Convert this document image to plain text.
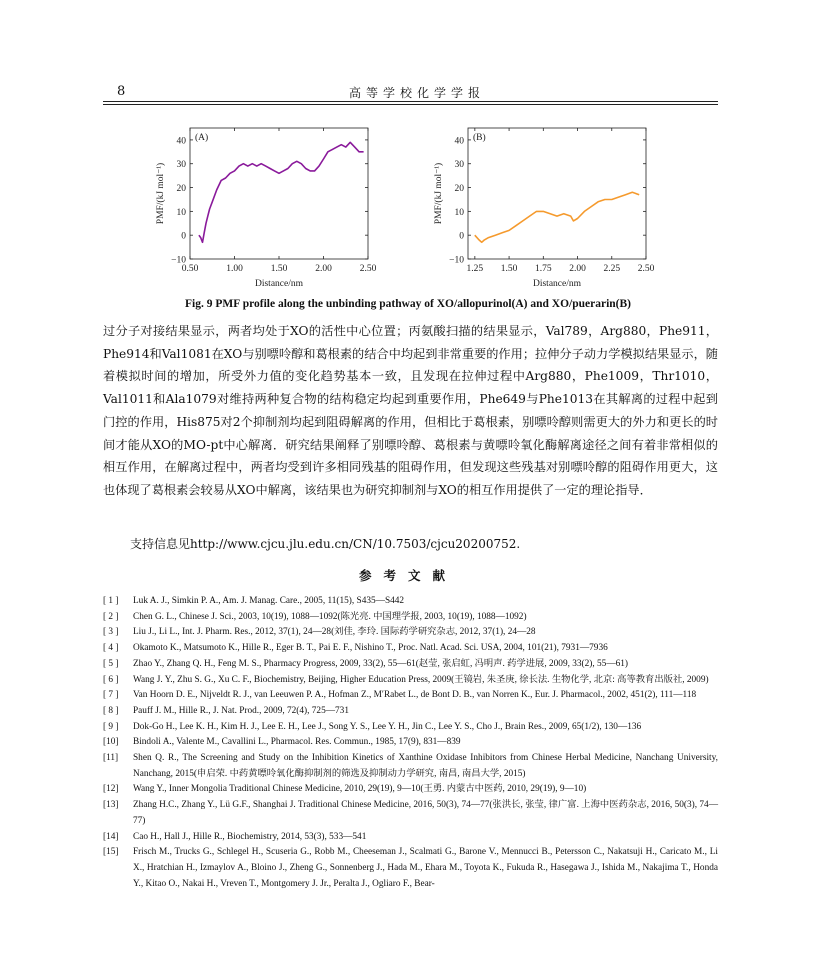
8	高等学校化学学报
0.50	1.00	1.50	2.00	2.50
−10
0
10
20
30
40
Distance/nm
PMF/(kJ mol⁻¹)
(A)
1.25 1.50 1.75 2.00 2.25 2.50
−10
0
10
20
30
40
Distance/nm
PMF/(kJ mol⁻¹)
(B)
Fig. 9 PMF profile along the unbinding pathway of XO/allopurinol(A) and XO/puerarin(B)

过分子对接结果显示，两者均处于XO的活性中心位置；丙氨酸扫描的结果显示，Val789，Arg880，Phe911，Phe914和Val1081在XO与别嘌呤醇和葛根素的结合中均起到非常重要的作用；拉伸分子动力学模拟结果显示，随着模拟时间的增加，所受外力值的变化趋势基本一致，且发现在拉伸过程中Arg880，Phe1009，Thr1010，Val1011和Ala1079对维持两种复合物的结构稳定均起到重要作用，Phe649与Phe1013在其解离的过程中起到门控的作用，His875对2个抑制剂均起到阻碍解离的作用，但相比于葛根素，别嘌呤醇则需更大的外力和更长的时间才能从XO的MO-pt中心解离．研究结果阐释了别嘌呤醇、葛根素与黄嘌呤氧化酶解离途径之间有着非常相似的相互作用，在解离过程中，两者均受到许多相同残基的阻碍作用，但发现这些残基对别嘌呤醇的阻碍作用更大，这也体现了葛根素会较易从XO中解离，该结果也为研究抑制剂与XO的相互作用提供了一定的理论指导．

支持信息见http://www.cjcu.jlu.edu.cn/CN/10.7503/cjcu20200752.
参考文献
[ 1 ] Luk A. J., Simkin P. A., Am. J. Manag. Care., 2005, 11(15), S435—S442
[ 2 ] Chen G. L., Chinese J. Sci., 2003, 10(19), 1088—1092(陈光亮. 中国理学报, 2003, 10(19), 1088—1092)
[ 3 ] Liu J., Li L., Int. J. Pharm. Res., 2012, 37(1), 24—28(刘佳, 李玲. 国际药学研究杂志, 2012, 37(1), 24—28
[ 4 ] Okamoto K., Matsumoto K., Hille R., Eger B. T., Pai E. F., Nishino T., Proc. Natl. Acad. Sci. USA, 2004, 101(21), 7931—7936
[ 5 ] Zhao Y., Zhang Q. H., Feng M. S., Pharmacy Progress, 2009, 33(2), 55—61(赵莹, 张启虹, 冯明声. 药学进展, 2009, 33(2), 55—61)
[ 6 ] Wang J. Y., Zhu S. G., Xu C. F., Biochemistry, Beijing, Higher Education Press, 2009(王镜岩, 朱圣庚, 徐长法. 生物化学, 北京: 高等教育出版社, 2009)
[ 7 ] Van Hoorn D. E., Nijveldt R. J., van Leeuwen P. A., Hofman Z., M′Rabet L., de Bont D. B., van Norren K., Eur. J. Pharmacol., 2002, 451(2), 111—118
[ 8 ] Pauff J. M., Hille R., J. Nat. Prod., 2009, 72(4), 725—731
[ 9 ] Dok-Go H., Lee K. H., Kim H. J., Lee E. H., Lee J., Song Y. S., Lee Y. H., Jin C., Lee Y. S., Cho J., Brain Res., 2009, 65(1/2), 130—136
[10] Bindoli A., Valente M., Cavallini L., Pharmacol. Res. Commun., 1985, 17(9), 831—839
[11] Shen Q. R., The Screening and Study on the Inhibition Kinetics of Xanthine Oxidase Inhibitors from Chinese Herbal Medicine, Nanchang University, Nanchang, 2015(申启荣. 中药黄嘌呤氧化酶抑制剂的筛选及抑制动力学研究, 南昌, 南昌大学, 2015)
[12] Wang Y., Inner Mongolia Traditional Chinese Medicine, 2010, 29(19), 9—10(王勇. 内蒙古中医药, 2010, 29(19), 9—10)
[13] Zhang H.C., Zhang Y., Lü G.F., Shanghai J. Traditional Chinese Medicine, 2016, 50(3), 74—77(张洪长, 张莹, 律广富. 上海中医药杂志, 2016, 50(3), 74—77)
[14] Cao H., Hall J., Hille R., Biochemistry, 2014, 53(3), 533—541
[15] Frisch M., Trucks G., Schlegel H., Scuseria G., Robb M., Cheeseman J., Scalmati G., Barone V., Mennucci B., Petersson C., Nakatsuji H., Caricato M., Li X., Hratchian H., Izmaylov A., Bloino J., Zheng G., Sonnenberg J., Hada M., Ehara M., Toyota K., Fukuda R., Hasegawa J., Ishida M., Nakajima T., Honda Y., Kitao O., Nakai H., Vreven T., Montgomery J. Jr., Peralta J., Ogliaro F., Bear-
